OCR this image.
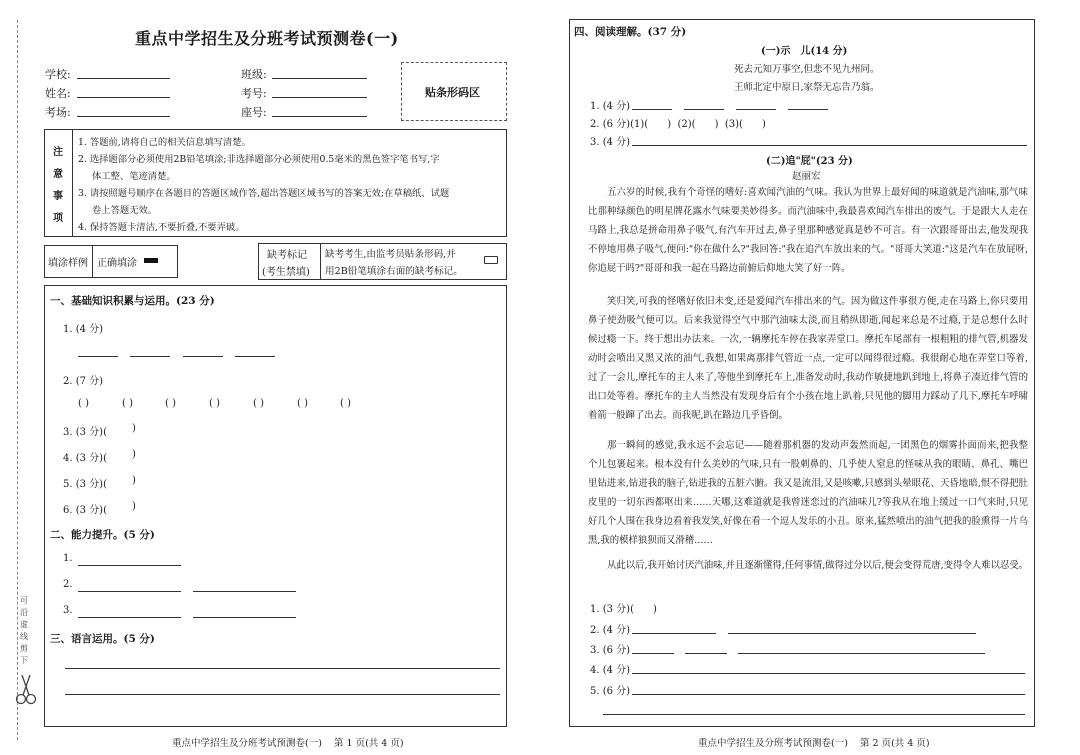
重点中学招生及分班考试预测卷(一)
学校:
姓名:
考场:
班级:
考号:
座号:
贴条形码区
注
意
事
项
1. 答题前,请将自己的相关信息填写清楚。
2. 选择题部分必须使用2B铅笔填涂;非选择题部分必须使用0.5毫米的黑色签字笔书写,字
体工整、笔迹清楚。
3. 请按照题号顺序在各题目的答题区域作答,超出答题区域书写的答案无效;在草稿纸、试题
卷上答题无效。
4. 保持答题卡清洁,不要折叠,不要弄破。
填涂样例 正确填涂
缺考标记
(考生禁填)
缺考考生,由监考员贴条形码,并
用2B铅笔填涂右面的缺考标记。
一、基础知识积累与运用。(23 分)
1. (4 分)
2. (7 分)
( )	( )	( )	( )	( )	( )	( )
3. (3 分)(	)
4. (3 分)(	)
5. (3 分)(	)
6. (3 分)(	)
二、能力提升。(5 分)
1.
2.
3.
三、语言运用。(5 分)
可
沿
虚
线
剪
下
重点中学招生及分班考试预测卷(一)    第 1 页(共 4 页)
四、阅读理解。(37 分)
(一)示　儿(14 分)
死去元知万事空,但悲不见九州同。
王师北定中原日,家祭无忘告乃翁。
1. (4 分)
2. (6 分)(1)(      )  (2)(      )  (3)(      )
3. (4 分)
(二)追"屁"(23 分)
赵丽宏
五六岁的时候,我有个奇怪的嗜好:喜欢闻汽油的气味。我认为世界上最好闻的味道就是汽油味,那气味比那种绿颜色的明星牌花露水气味要美妙得多。而汽油味中,我最喜欢闻汽车排出的废气。于是跟大人走在马路上,我总是拼命用鼻子吸气,有汽车开过去,鼻子里那种感觉真是妙不可言。有一次跟哥哥出去,他发现我不停地用鼻子吸气,便问:"你在做什么?"我回答:"我在追汽车放出来的气。"哥哥大笑道:"这是汽车在放屁呀,你追屁干吗?"哥哥和我一起在马路边前俯后仰地大笑了好一阵。
笑归笑,可我的怪嗜好依旧未变,还是爱闻汽车排出来的气。因为做这件事很方便,走在马路上,你只要用鼻子使劲吸气便可以。后来我觉得空气中那汽油味太淡,而且稍纵即逝,闻起来总是不过瘾,于是总想什么时候过瘾一下。终于想出办法来。一次,一辆摩托车停在我家弄堂口。摩托车尾部有一根粗粗的排气管,机器发动时会喷出又黑又浓的油气,我想,如果离那排气管近一点,一定可以闻得很过瘾。我很耐心地在弄堂口等着,过了一会儿,摩托车的主人来了,等他坐到摩托车上,准备发动时,我动作敏捷地趴到地上,将鼻子凑近排气管的出口处等着。摩托车的主人当然没有发现身后有个小孩在地上趴着,只见他的脚用力踩动了几下,摩托车呼啸着箭一般蹿了出去。而我呢,趴在路边几乎昏倒。
那一瞬间的感觉,我永远不会忘记——随着那机器的发动声轰然而起,一团黑色的烟雾扑面而来,把我整个儿包裹起来。根本没有什么美妙的气味,只有一股刺鼻的、几乎使人窒息的怪味从我的眼睛、鼻孔、嘴巴里钻进来,钻进我的脑子,钻进我的五脏六腑。我又是流泪,又是咳嗽,只感到头晕眼花、天昏地暗,恨不得把肚皮里的一切东西都呕出来……天哪,这难道就是我曾迷恋过的汽油味儿?等我从在地上缓过一口气来时,只见好几个人围在我身边看着我发笑,好像在看一个逗人发乐的小丑。原来,猛然喷出的油气把我的脸熏得一片乌黑,我的模样狼狈而又滑稽……
从此以后,我开始讨厌汽油味,并且逐渐懂得,任何事情,做得过分以后,便会变得荒唐,变得令人难以忍受。
1. (3 分)(      )
2. (4 分)
3. (6 分)
4. (4 分)
5. (6 分)
重点中学招生及分班考试预测卷(一)    第 2 页(共 4 页)
